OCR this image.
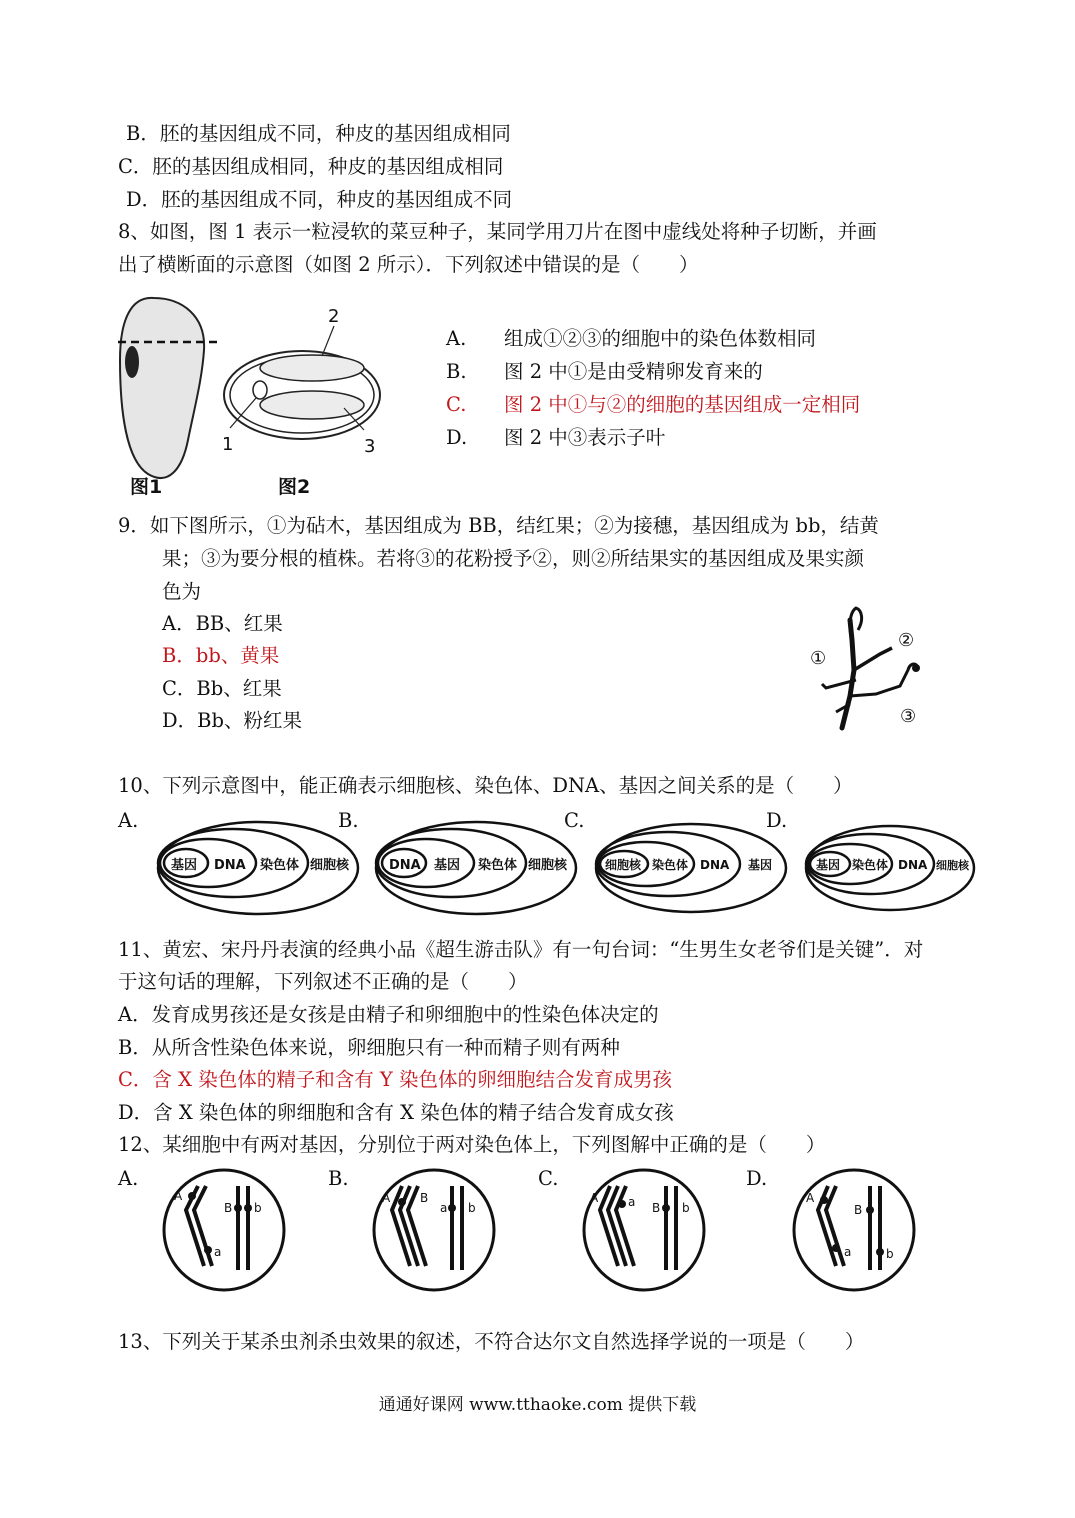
B．胚的基因组成不同，种皮的基因组成相同
C．胚的基因组成相同，种皮的基因组成相同
D．胚的基因组成不同，种皮的基因组成不同
8、如图，图 1 表示一粒浸软的菜豆种子，某同学用刀片在图中虚线处将种子切断，并画
出了横断面的示意图（如图 2 所示）．下列叙述中错误的是（　　）
1
2
3
图1	图2
A. 组成①②③的细胞中的染色体数相同
B. 图 2 中①是由受精卵发育来的
C. 图 2 中①与②的细胞的基因组成一定相同
D. 图 2 中③表示子叶
9．如下图所示，①为砧木，基因组成为 BB，结红果；②为接穗，基因组成为 bb，结黄
果；③为要分根的植株。若将③的花粉授予②，则②所结果实的基因组成及果实颜
色为
A．BB、红果
B．bb、黄果
C．Bb、红果
D．Bb、粉红果
①
②
③
10、下列示意图中，能正确表示细胞核、染色体、DNA、基因之间关系的是（　　）
A.	B.	C.	D.
基因 DNA 染色体 细胞核	DNA 基因 染色体 细胞核	细胞核 染色体 DNA 基因	基因 染色体 DNA 细胞核
11、黄宏、宋丹丹表演的经典小品《超生游击队》有一句台词：“生男生女老爷们是关键”．对
于这句话的理解，下列叙述不正确的是（　　）
A．发育成男孩还是女孩是由精子和卵细胞中的性染色体决定的
B．从所含性染色体来说，卵细胞只有一种而精子则有两种
C．含 X 染色体的精子和含有 Y 染色体的卵细胞结合发育成男孩
D．含 X 染色体的卵细胞和含有 X 染色体的精子结合发育成女孩
12、某细胞中有两对基因，分别位于两对染色体上，下列图解中正确的是（　　）
A.	B.	C.	D.
A
a
B b
A B
a b
A a B b
A
a
B
b
13、下列关于某杀虫剂杀虫效果的叙述，不符合达尔文自然选择学说的一项是（　　）
通通好课网 www.tthaoke.com 提供下载
